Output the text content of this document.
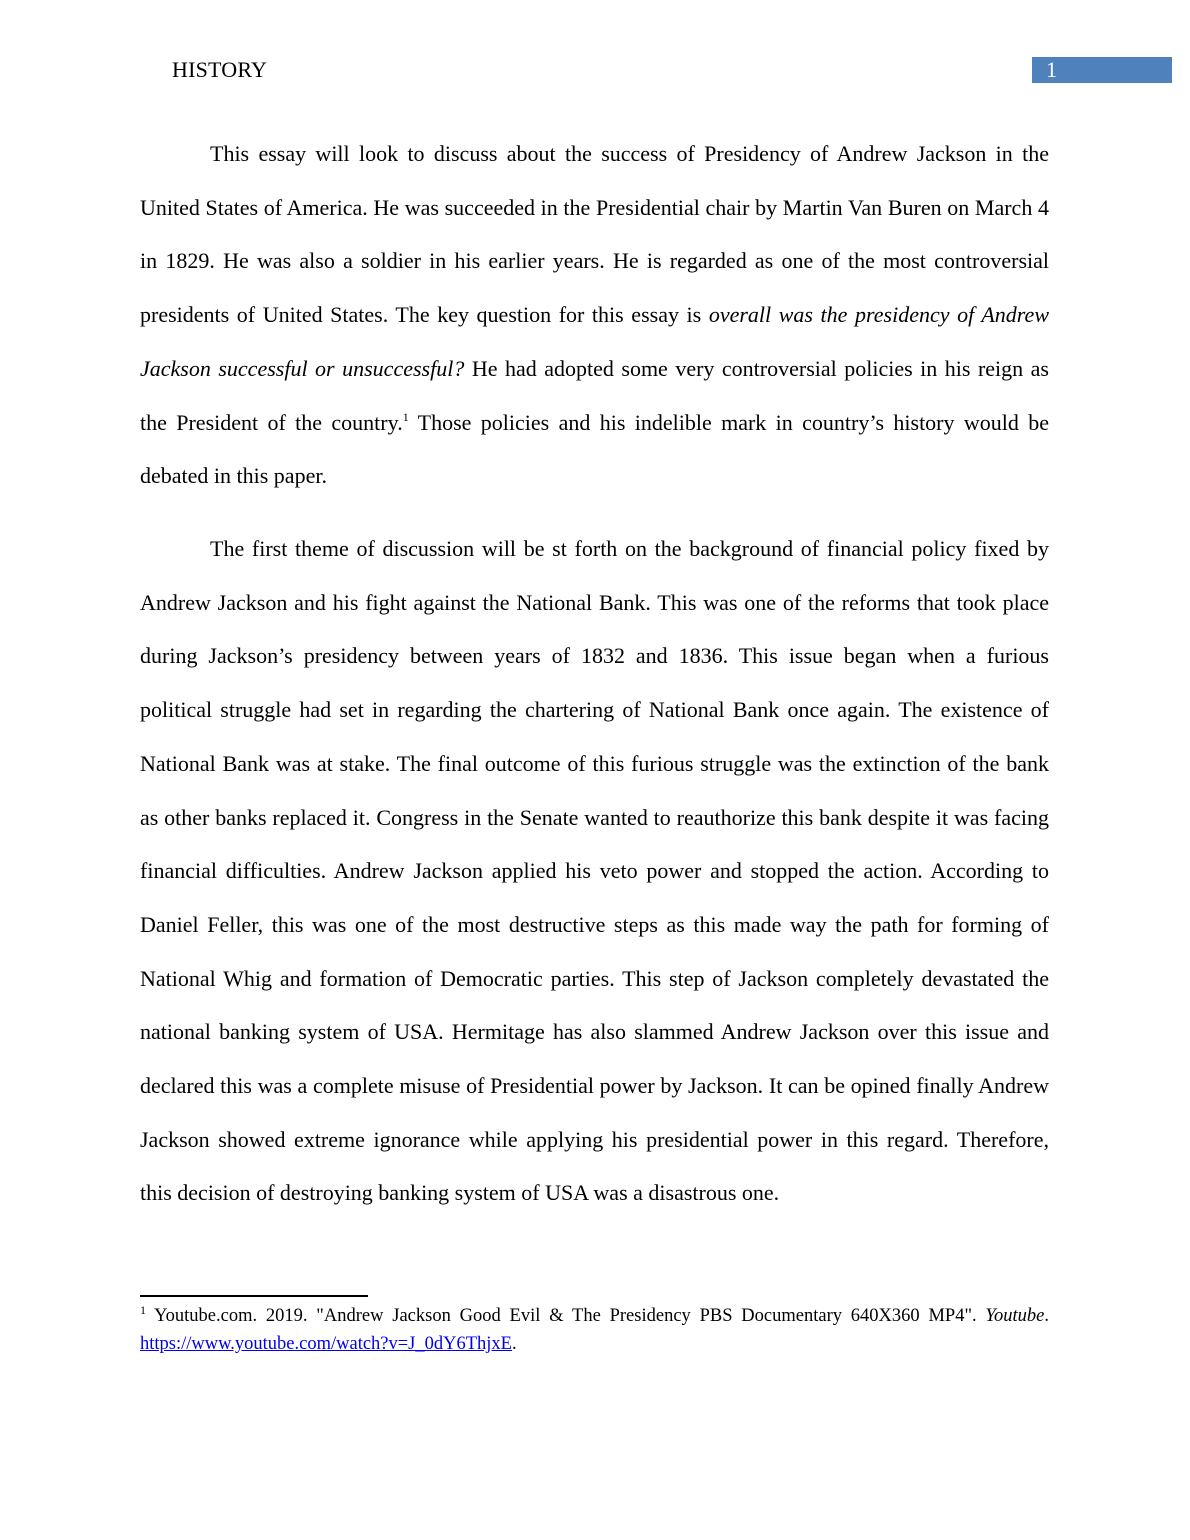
HISTORY	1

This essay will look to discuss about the success of Presidency of Andrew Jackson in the United States of America. He was succeeded in the Presidential chair by Martin Van Buren on March 4 in 1829. He was also a soldier in his earlier years. He is regarded as one of the most controversial presidents of United States. The key question for this essay is overall was the presidency of Andrew Jackson successful or unsuccessful? He had adopted some very controversial policies in his reign as the President of the country.$^1$ Those policies and his indelible mark in country’s history would be debated in this paper.

The first theme of discussion will be st forth on the background of financial policy fixed by Andrew Jackson and his fight against the National Bank. This was one of the reforms that took place during Jackson’s presidency between years of 1832 and 1836. This issue began when a furious political struggle had set in regarding the chartering of National Bank once again. The existence of National Bank was at stake. The final outcome of this furious struggle was the extinction of the bank as other banks replaced it. Congress in the Senate wanted to reauthorize this bank despite it was facing financial difficulties. Andrew Jackson applied his veto power and stopped the action. According to Daniel Feller, this was one of the most destructive steps as this made way the path for forming of National Whig and formation of Democratic parties. This step of Jackson completely devastated the national banking system of USA. Hermitage has also slammed Andrew Jackson over this issue and declared this was a complete misuse of Presidential power by Jackson. It can be opined finally Andrew Jackson showed extreme ignorance while applying his presidential power in this regard. Therefore, this decision of destroying banking system of USA was a disastrous one.

$^1$ Youtube.com. 2019. "Andrew Jackson Good Evil & The Presidency PBS Documentary 640X360 MP4". Youtube. https://www.youtube.com/watch?v=J_0dY6ThjxE.
